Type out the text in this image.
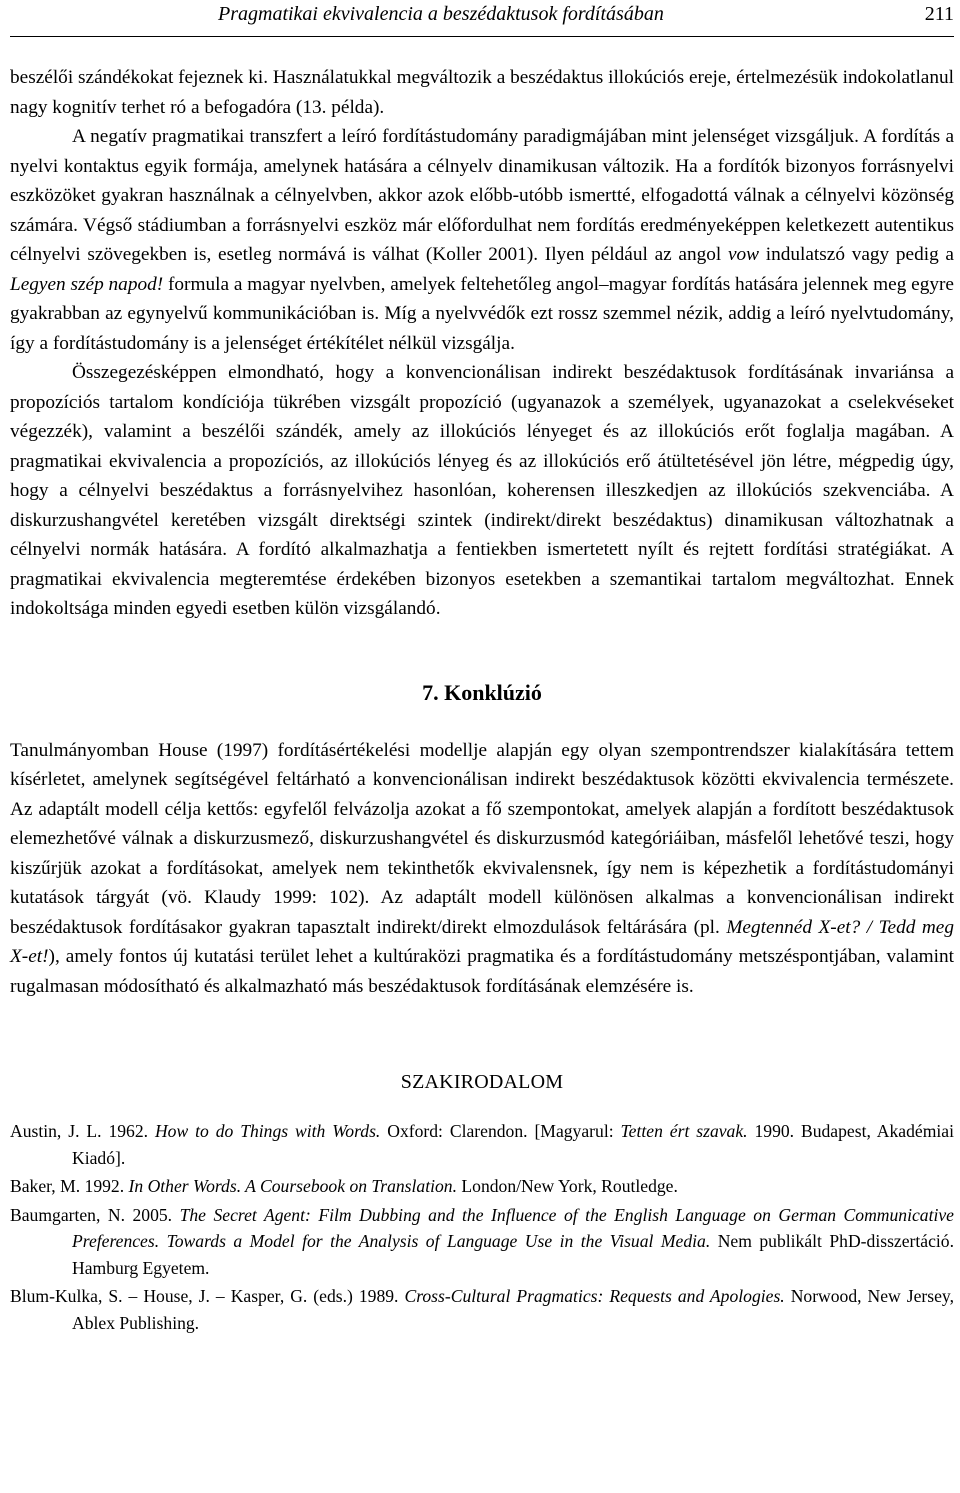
Pragmatikai ekvivalencia a beszédaktusok fordításában	211

beszélői szándékokat fejeznek ki. Használatukkal megváltozik a beszédaktus illokúciós ereje, értelmezésük indokolatlanul nagy kognitív terhet ró a befogadóra (13. példa).

A negatív pragmatikai transzfert a leíró fordítástudomány paradigmájában mint jelenséget vizsgáljuk. A fordítás a nyelvi kontaktus egyik formája, amelynek hatására a célnyelv dinamikusan változik. Ha a fordítók bizonyos forrásnyelvi eszközöket gyakran használnak a célnyelvben, akkor azok előbb-utóbb ismertté, elfogadottá válnak a célnyelvi közönség számára. Végső stádiumban a forrásnyelvi eszköz már előfordulhat nem fordítás eredményeképpen keletkezett autentikus célnyelvi szövegekben is, esetleg normává is válhat (Koller 2001). Ilyen például az angol vow indulatszó vagy pedig a Legyen szép napod! formula a magyar nyelvben, amelyek feltehetőleg angol–magyar fordítás hatására jelennek meg egyre gyakrabban az egynyelvű kommunikációban is. Míg a nyelvvédők ezt rossz szemmel nézik, addig a leíró nyelvtudomány, így a fordítástudomány is a jelenséget értékítélet nélkül vizsgálja.

Összegezésképpen elmondható, hogy a konvencionálisan indirekt beszédaktusok fordításának invariánsa a propozíciós tartalom kondíciója tükrében vizsgált propozíció (ugyanazok a személyek, ugyanazokat a cselekvéseket végezzék), valamint a beszélői szándék, amely az illokúciós lényeget és az illokúciós erőt foglalja magában. A pragmatikai ekvivalencia a propozíciós, az illokúciós lényeg és az illokúciós erő átültetésével jön létre, mégpedig úgy, hogy a célnyelvi beszédaktus a forrásnyelvihez hasonlóan, koherensen illeszkedjen az illokúciós szekvenciába. A diskurzushangvétel keretében vizsgált direktségi szintek (indirekt/direkt beszédaktus) dinamikusan változhatnak a célnyelvi normák hatására. A fordító alkalmazhatja a fentiekben ismertetett nyílt és rejtett fordítási stratégiákat. A pragmatikai ekvivalencia megteremtése érdekében bizonyos esetekben a szemantikai tartalom megváltozhat. Ennek indokoltsága minden egyedi esetben külön vizsgálandó.

7. Konklúzió

Tanulmányomban House (1997) fordításértékelési modellje alapján egy olyan szempontrendszer kialakítására tettem kísérletet, amelynek segítségével feltárható a konvencionálisan indirekt beszédaktusok közötti ekvivalencia természete. Az adaptált modell célja kettős: egyfelől felvázolja azokat a fő szempontokat, amelyek alapján a fordított beszédaktusok elemezhetővé válnak a diskurzusmező, diskurzushangvétel és diskurzusmód kategóriáiban, másfelől lehetővé teszi, hogy kiszűrjük azokat a fordításokat, amelyek nem tekinthetők ekvivalensnek, így nem is képezhetik a fordítástudományi kutatások tárgyát (vö. Klaudy 1999: 102). Az adaptált modell különösen alkalmas a konvencionálisan indirekt beszédaktusok fordításakor gyakran tapasztalt indirekt/direkt elmozdulások feltárására (pl. Megtennéd X-et? / Tedd meg X-et!), amely fontos új kutatási terület lehet a kultúraközi pragmatika és a fordítástudomány metszéspontjában, valamint rugalmasan módosítható és alkalmazható más beszédaktusok fordításának elemzésére is.

SZAKIRODALOM
Austin, J. L. 1962. How to do Things with Words. Oxford: Clarendon. [Magyarul: Tetten ért szavak. 1990. Budapest, Akadémiai Kiadó].
Baker, M. 1992. In Other Words. A Coursebook on Translation. London/New York, Routledge.
Baumgarten, N. 2005. The Secret Agent: Film Dubbing and the Influence of the English Language on German Communicative Preferences. Towards a Model for the Analysis of Language Use in the Visual Media. Nem publikált PhD-disszertáció. Hamburg Egyetem.
Blum-Kulka, S. – House, J. – Kasper, G. (eds.) 1989. Cross-Cultural Pragmatics: Requests and Apologies. Norwood, New Jersey, Ablex Publishing.
